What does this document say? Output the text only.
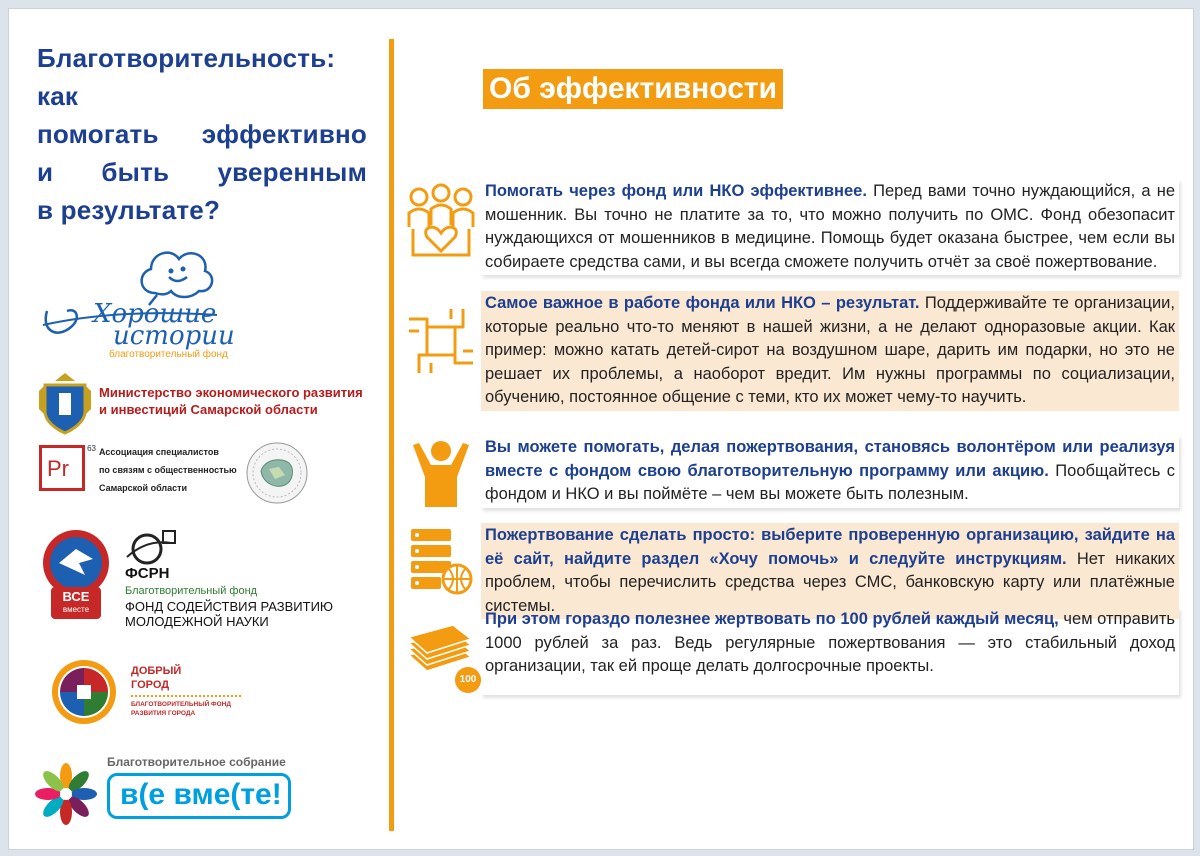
Благотворительность: как
помогать эффективно
и быть уверенным
в результате?
Хорошие
истории
благотворительный фонд
Министерство экономического развития
и инвестиций Самарской области
Pr
63 Ассоциация специалистов
по связям с общественностью
Самарской области
ВСЕ
вместе
ФСРН
Благотворительный фонд
ФОНД СОДЕЙСТВИЯ РАЗВИТИЮ
МОЛОДЕЖНОЙ НАУКИ
ДОБРЫЙ
ГОРОД
БЛАГОТВОРИТЕЛЬНЫЙ ФОНД
РАЗВИТИЯ ГОРОДА
Благотворительное собрание
в(е вме(те!
Об эффективности
Помогать через фонд или НКО эффективнее. Перед вами точно нуждающийся, а не мошенник. Вы точно не платите за то, что можно получить по ОМС. Фонд обезопасит нуждающихся от мошенников в медицине. Помощь будет оказана быстрее, чем если вы собираете средства сами, и вы всегда сможете получить отчёт за своё пожертвование.
Самое важное в работе фонда или НКО – результат. Поддерживайте те организации, которые реально что-то меняют в нашей жизни, а не делают одноразовые акции. Как пример: можно катать детей-сирот на воздушном шаре, дарить им подарки, но это не решает их проблемы, а наоборот вредит. Им нужны программы по социализации, обучению, постоянное общение с теми, кто их может чему-то научить.
Вы можете помогать, делая пожертвования, становясь волонтёром или реализуя вместе с фондом свою благотворительную программу или акцию. Пообщайтесь с фондом и НКО и вы поймёте – чем вы можете быть полезным.
Пожертвование сделать просто: выберите проверенную организацию, зайдите на её сайт, найдите раздел «Хочу помочь» и следуйте инструкциям. Нет никаких проблем, чтобы перечислить средства через СМС, банковскую карту или платёжные системы.
100
При этом гораздо полезнее жертвовать по 100 рублей каждый месяц, чем отправить 1000 рублей за раз. Ведь регулярные пожертвования — это стабильный доход организации, так ей проще делать долгосрочные проекты.
